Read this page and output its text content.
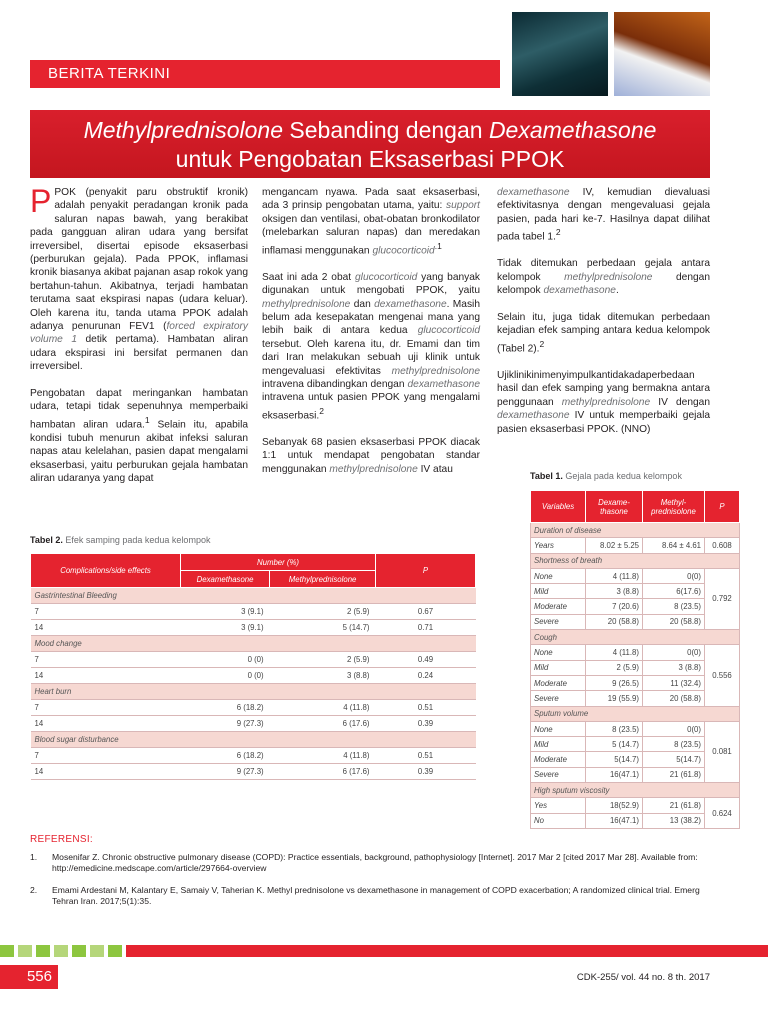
BERITA TERKINI
Methylprednisolone Sebanding dengan Dexamethasone
untuk Pengobatan Eksaserbasi PPOK

PPOK (penyakit paru obstruktif kronik) adalah penyakit peradangan kronik pada saluran napas bawah, yang berakibat pada gangguan aliran udara yang bersifat irreversibel, disertai episode eksaserbasi (perburukan gejala). Pada PPOK, inflamasi kronik biasanya akibat pajanan asap rokok yang bertahun-tahun. Akibatnya, terjadi hambatan terutama saat ekspirasi napas (udara keluar). Oleh karena itu, tanda utama PPOK adalah adanya penurunan FEV1 (forced expiratory volume 1 detik pertama). Hambatan aliran udara ekspirasi ini bersifat permanen dan irreversibel.

Pengobatan dapat meringankan hambatan udara, tetapi tidak sepenuhnya memperbaiki hambatan aliran udara.$^1$ Selain itu, apabila kondisi tubuh menurun akibat infeksi saluran napas atau kelelahan, pasien dapat mengalami eksaserbasi, yaitu perburukan gejala hambatan aliran udaranya yang dapat

mengancam nyawa. Pada saat eksaserbasi, ada 3 prinsip pengobatan utama, yaitu: support oksigen dan ventilasi, obat-obatan bronkodilator (melebarkan saluran napas) dan meredakan inflamasi menggunakan glucocorticoid$^{.1}$

Saat ini ada 2 obat glucocorticoid yang banyak digunakan untuk mengobati PPOK, yaitu methylprednisolone dan dexamethasone. Masih belum ada kesepakatan mengenai mana yang lebih baik di antara kedua glucocorticoid tersebut. Oleh karena itu, dr. Emami dan tim dari Iran melakukan sebuah uji klinik untuk mengevaluasi efektivitas methylprednisolone intravena dibandingkan dengan dexamethasone intravena untuk pasien PPOK yang mengalami eksaserbasi.$^2$

Sebanyak 68 pasien eksaserbasi PPOK diacak 1:1 untuk mendapat pengobatan standar menggunakan methylprednisolone IV atau

dexamethasone IV, kemudian dievaluasi efektivitasnya dengan mengevaluasi gejala pasien, pada hari ke-7. Hasilnya dapat dilihat pada tabel 1.$^2$

Tidak ditemukan perbedaan gejala antara kelompok methylprednisolone dengan kelompok dexamethasone.

Selain itu, juga tidak ditemukan perbedaan kejadian efek samping antara kedua kelompok (Tabel 2).$^2$

Ujiklinikinimenyimpulkantidakadaperbedaan hasil dan efek samping yang bermakna antara penggunaan methylprednisolone IV dengan dexamethasone IV untuk memperbaiki gejala pasien eksaserbasi PPOK. (NNO)

Tabel 2. Efek samping pada kedua kelompok
Complications/side effects	Number (%)		P
	Dexamethasone	Methylprednisolone	
Gastrintestinal Bleeding			
7	3 (9.1)	2 (5.9)	0.67
14	3 (9.1)	5 (14.7)	0.71
Mood change			
7	0 (0)	2 (5.9)	0.49
14	0 (0)	3 (8.8)	0.24
Heart burn			
7	6 (18.2)	4 (11.8)	0.51
14	9 (27.3)	6 (17.6)	0.39
Blood sugar disturbance			
7	6 (18.2)	4 (11.8)	0.51
14	9 (27.3)	6 (17.6)	0.39
Tabel 1. Gejala pada kedua kelompok
Variables	Dexame-thasone	Methyl-prednisolone	P
Duration of disease			
Years	8.02 ± 5.25	8.64 ± 4.61	0.608
Shortness of breath			
None	4 (11.8)	0(0)	0.792
Mild	3 (8.8)	6(17.6)	
Moderate	7 (20.6)	8 (23.5)	
Severe	20 (58.8)	20 (58.8)	
Cough			
None	4 (11.8)	0(0)	0.556
Mild	2 (5.9)	3 (8.8)	
Moderate	9 (26.5)	11 (32.4)	
Severe	19 (55.9)	20 (58.8)	
Sputum volume			
None	8 (23.5)	0(0)	0.081
Mild	5 (14.7)	8 (23.5)	
Moderate	5(14.7)	5(14.7)	
Severe	16(47.1)	21 (61.8)	
High sputum viscosity			
Yes	18(52.9)	21 (61.8)	0.624
No	16(47.1)	13 (38.2)	
REFERENSI:
1.	Mosenifar Z. Chronic obstructive pulmonary disease (COPD): Practice essentials, background, pathophysiology [Internet]. 2017 Mar 2 [cited 2017 Mar 28]. Available from: http://emedicine.medscape.com/article/297664-overview
2.	Emami Ardestani M, Kalantary E, Samaiy V, Taherian K. Methyl prednisolone vs dexamethasone in management of COPD exacerbation; A randomized clinical trial. Emerg Tehran Iran. 2017;5(1):35.
556	CDK-255/ vol. 44 no. 8 th. 2017
